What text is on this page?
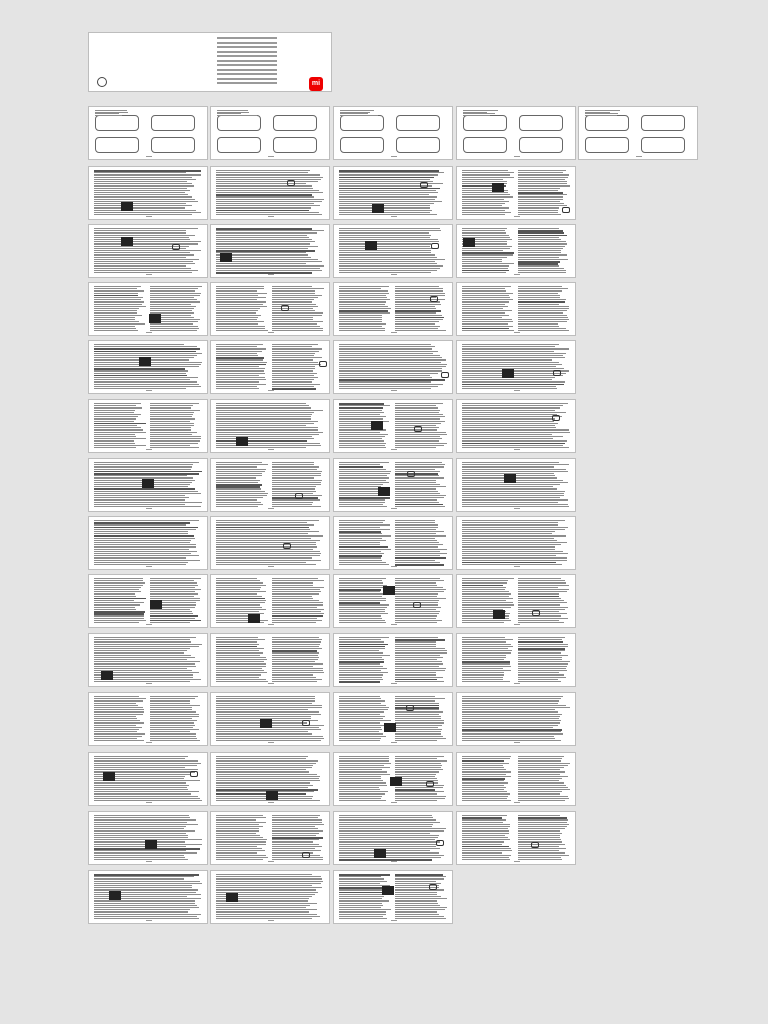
mi
